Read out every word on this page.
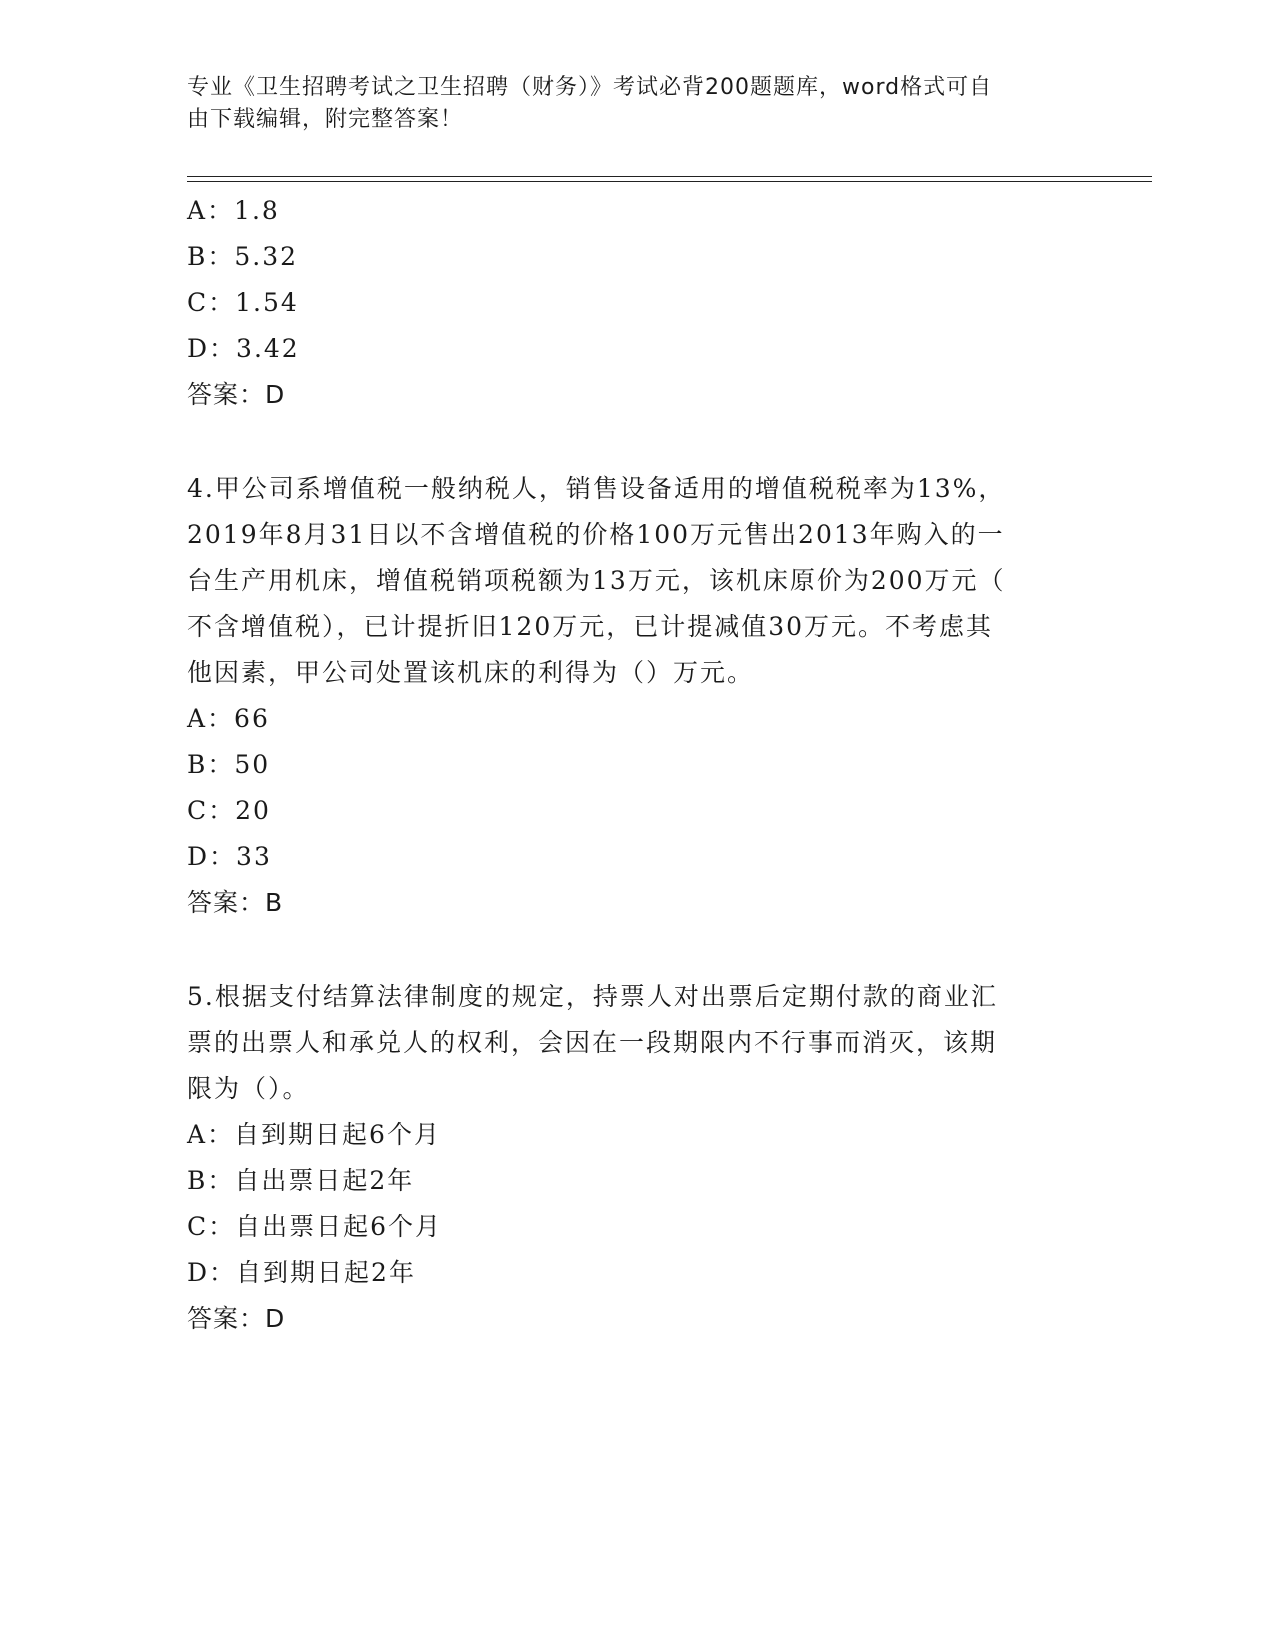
专业《卫生招聘考试之卫生招聘（财务）》考试必背200题题库，word格式可自
由下载编辑，附完整答案！
A：1.8
B：5.32
C：1.54
D：3.42
答案：D
4.甲公司系增值税一般纳税人，销售设备适用的增值税税率为13%，
2019年8月31日以不含增值税的价格100万元售出2013年购入的一
台生产用机床，增值税销项税额为13万元，该机床原价为200万元（
不含增值税），已计提折旧120万元，已计提减值30万元。不考虑其
他因素，甲公司处置该机床的利得为（）万元。
A：66
B：50
C：20
D：33
答案：B
5.根据支付结算法律制度的规定，持票人对出票后定期付款的商业汇
票的出票人和承兑人的权利，会因在一段期限内不行事而消灭，该期
限为（）。
A：自到期日起6个月
B：自出票日起2年
C：自出票日起6个月
D：自到期日起2年
答案：D
